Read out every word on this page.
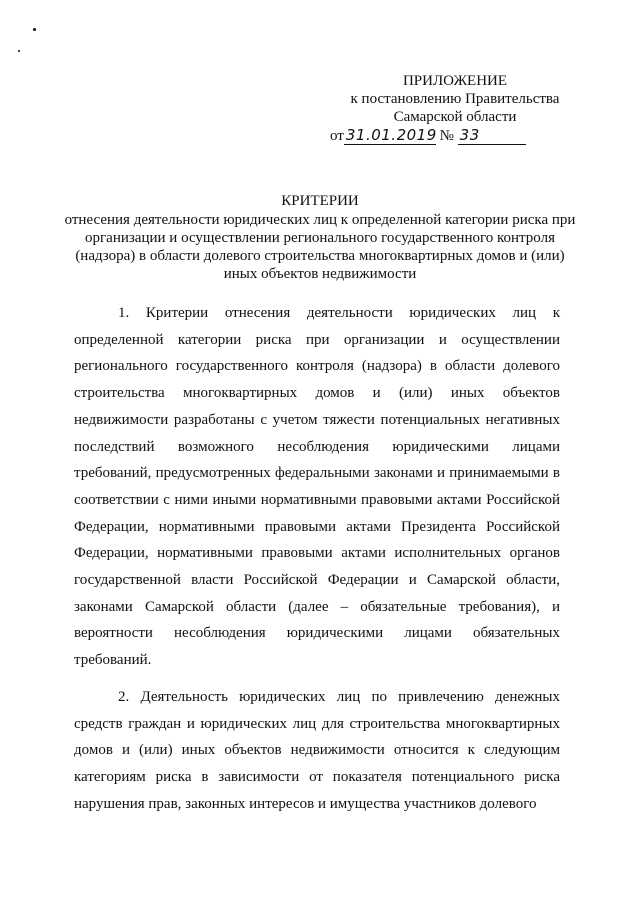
ПРИЛОЖЕНИЕ
к постановлению Правительства
Самарской области
от 31.01.2019 № 33
КРИТЕРИИ
отнесения деятельности юридических лиц к определенной категории риска при организации и осуществлении регионального государственного контроля (надзора) в области долевого строительства многоквартирных домов и (или) иных объектов недвижимости

1. Критерии отнесения деятельности юридических лиц к определенной категории риска при организации и осуществлении регионального государственного контроля (надзора) в области долевого строительства многоквартирных домов и (или) иных объектов недвижимости разработаны с учетом тяжести потенциальных негативных последствий возможного несоблюдения юридическими лицами требований, предусмотренных федеральными законами и принимаемыми в соответствии с ними иными нормативными правовыми актами Российской Федерации, нормативными правовыми актами Президента Российской Федерации, нормативными правовыми актами исполнительных органов государственной власти Российской Федерации и Самарской области, законами Самарской области (далее – обязательные требования), и вероятности несоблюдения юридическими лицами обязательных требований.

2. Деятельность юридических лиц по привлечению денежных средств граждан и юридических лиц для строительства многоквартирных домов и (или) иных объектов недвижимости относится к следующим категориям риска в зависимости от показателя потенциального риска нарушения прав, законных интересов и имущества участников долевого
